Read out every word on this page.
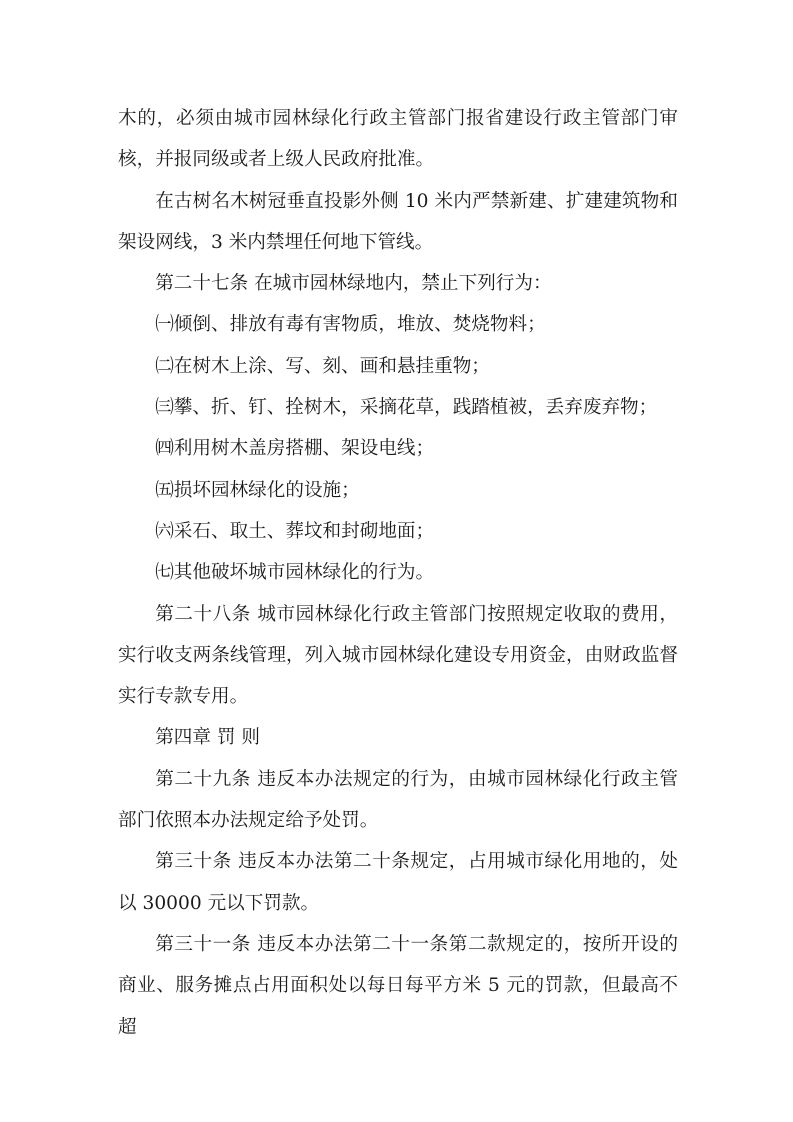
木的，必须由城市园林绿化行政主管部门报省建设行政主管部门审核，并报同级或者上级人民政府批准。

在古树名木树冠垂直投影外侧 10 米内严禁新建、扩建建筑物和架设网线，3 米内禁埋任何地下管线。

第二十七条 在城市园林绿地内，禁止下列行为：

㈠倾倒、排放有毒有害物质，堆放、焚烧物料；

㈡在树木上涂、写、刻、画和悬挂重物；

㈢攀、折、钉、拴树木，采摘花草，践踏植被，丢弃废弃物；

㈣利用树木盖房搭棚、架设电线；

㈤损坏园林绿化的设施；

㈥采石、取土、葬坟和封砌地面；

㈦其他破坏城市园林绿化的行为。

第二十八条 城市园林绿化行政主管部门按照规定收取的费用，实行收支两条线管理，列入城市园林绿化建设专用资金，由财政监督实行专款专用。

第四章 罚 则

第二十九条 违反本办法规定的行为，由城市园林绿化行政主管部门依照本办法规定给予处罚。

第三十条 违反本办法第二十条规定，占用城市绿化用地的，处以 30000 元以下罚款。

第三十一条 违反本办法第二十一条第二款规定的，按所开设的商业、服务摊点占用面积处以每日每平方米 5 元的罚款，但最高不超
